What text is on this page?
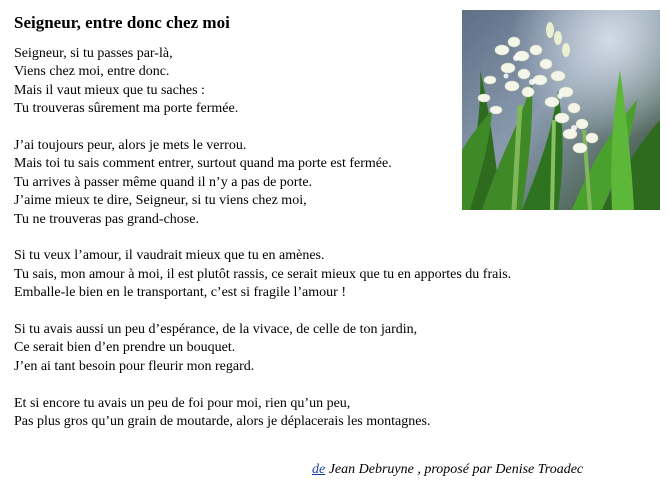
Seigneur, entre donc chez moi
Seigneur, si tu passes par-là,
Viens chez moi, entre donc.
Mais il vaut mieux que tu saches :
Tu trouveras sûrement ma porte fermée.
J’ai toujours peur, alors je mets le verrou.
Mais toi tu sais comment entrer, surtout quand ma porte est fermée.
Tu arrives à passer même quand il n’y a pas de porte.
J’aime mieux te dire, Seigneur, si tu viens chez moi,
Tu ne trouveras pas grand-chose.
Si tu veux l’amour, il vaudrait mieux que tu en amènes.
Tu sais, mon amour à moi, il est plutôt rassis, ce serait mieux que tu en apportes du frais.
Emballe-le bien en le transportant, c’est si fragile l’amour !
Si tu avais aussi un peu d’espérance, de la vivace, de celle de ton jardin,
Ce serait bien d’en prendre un bouquet.
J’en ai tant besoin pour fleurir mon regard.
Et si encore tu avais un peu de foi pour moi, rien qu’un peu,
Pas plus gros qu’un grain de moutarde, alors je déplacerais les montagnes.
de Jean Debruyne , proposé par Denise Troadec
